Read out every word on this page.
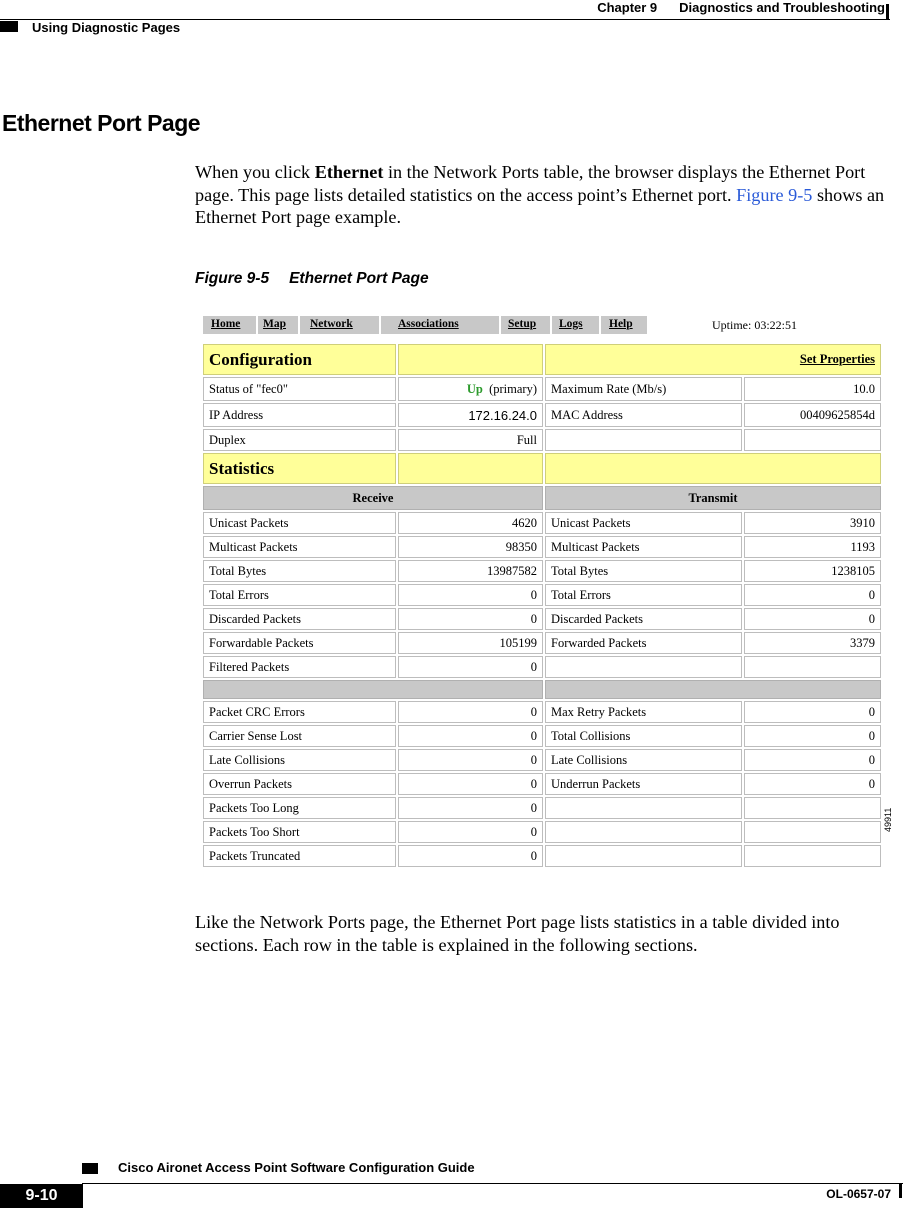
Chapter 9 Diagnostics and Troubleshooting
Using Diagnostic Pages
Ethernet Port Page
When you click Ethernet in the Network Ports table, the browser displays the Ethernet Port page. This page lists detailed statistics on the access point’s Ethernet port. Figure 9-5 shows an Ethernet Port page example.
Figure 9-5 Ethernet Port Page
Home Map Network	Associations	Setup Logs Help	Uptime: 03:22:51
Configuration		Set Properties	
Status of "fec0"	Up (primary)	Maximum Rate (Mb/s)	10.0
IP Address	172.16.24.0	MAC Address	00409625854d
Duplex	Full		
Statistics			
Receive		Transmit	
Unicast Packets	4620	Unicast Packets	3910
Multicast Packets	98350	Multicast Packets	1193
Total Bytes	13987582	Total Bytes	1238105
Total Errors	0	Total Errors	0
Discarded Packets	0	Discarded Packets	0
Forwardable Packets	105199	Forwarded Packets	3379
Filtered Packets	0		

Packet CRC Errors	0	Max Retry Packets	0
Carrier Sense Lost	0	Total Collisions	0
Late Collisions	0	Late Collisions	0
Overrun Packets	0	Underrun Packets	0
Packets Too Long	0		
Packets Too Short	0		
Packets Truncated	0		
49911
Like the Network Ports page, the Ethernet Port page lists statistics in a table divided into sections. Each row in the table is explained in the following sections.
Cisco Aironet Access Point Software Configuration Guide
9-10	OL-0657-07
